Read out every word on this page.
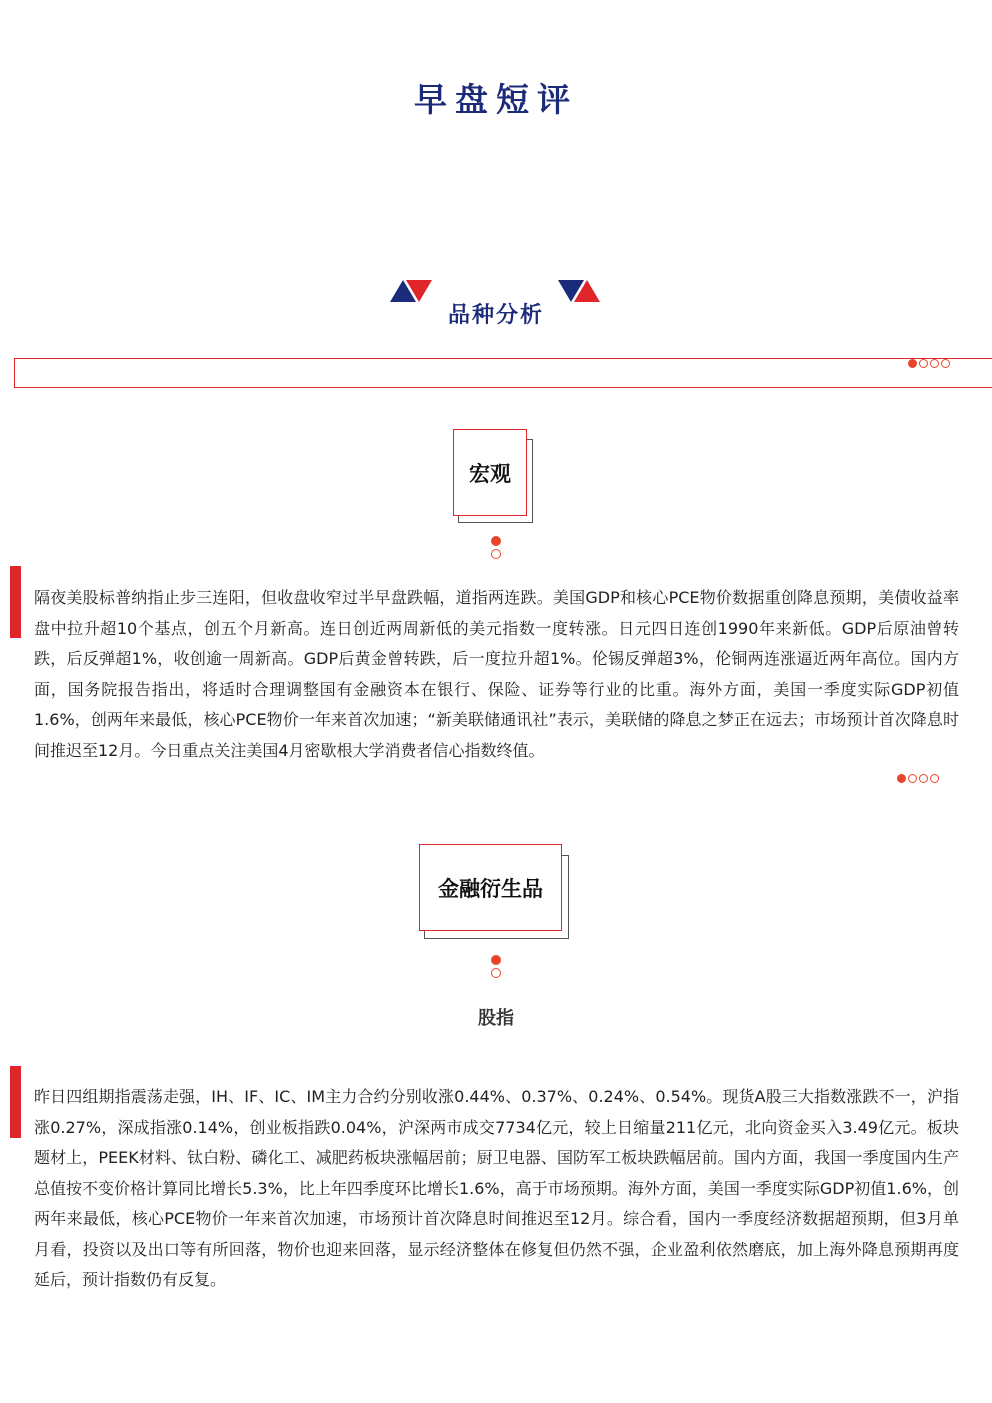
早盘短评
品种分析
宏观
隔夜美股标普纳指止步三连阳，但收盘收窄过半早盘跌幅，道指两连跌。美国GDP和核心PCE物价数据重创降息预期，美债收益率盘中拉升超10个基点，创五个月新高。连日创近两周新低的美元指数一度转涨。日元四日连创1990年来新低。GDP后原油曾转跌，后反弹超1%，收创逾一周新高。GDP后黄金曾转跌，后一度拉升超1%。伦锡反弹超3%，伦铜两连涨逼近两年高位。国内方面，国务院报告指出，将适时合理调整国有金融资本在银行、保险、证券等行业的比重。海外方面，美国一季度实际GDP初值1.6%，创两年来最低，核心PCE物价一年来首次加速；“新美联储通讯社”表示，美联储的降息之梦正在远去；市场预计首次降息时间推迟至12月。今日重点关注美国4月密歇根大学消费者信心指数终值。
金融衍生品
股指
昨日四组期指震荡走强，IH、IF、IC、IM主力合约分别收涨0.44%、0.37%、0.24%、0.54%。现货A股三大指数涨跌不一，沪指涨0.27%，深成指涨0.14%，创业板指跌0.04%，沪深两市成交7734亿元，较上日缩量211亿元，北向资金买入3.49亿元。板块题材上，PEEK材料、钛白粉、磷化工、减肥药板块涨幅居前；厨卫电器、国防军工板块跌幅居前。国内方面，我国一季度国内生产总值按不变价格计算同比增长5.3%，比上年四季度环比增长1.6%，高于市场预期。海外方面，美国一季度实际GDP初值1.6%，创两年来最低，核心PCE物价一年来首次加速，市场预计首次降息时间推迟至12月。综合看，国内一季度经济数据超预期，但3月单月看，投资以及出口等有所回落，物价也迎来回落，显示经济整体在修复但仍然不强，企业盈利依然磨底，加上海外降息预期再度延后，预计指数仍有反复。
